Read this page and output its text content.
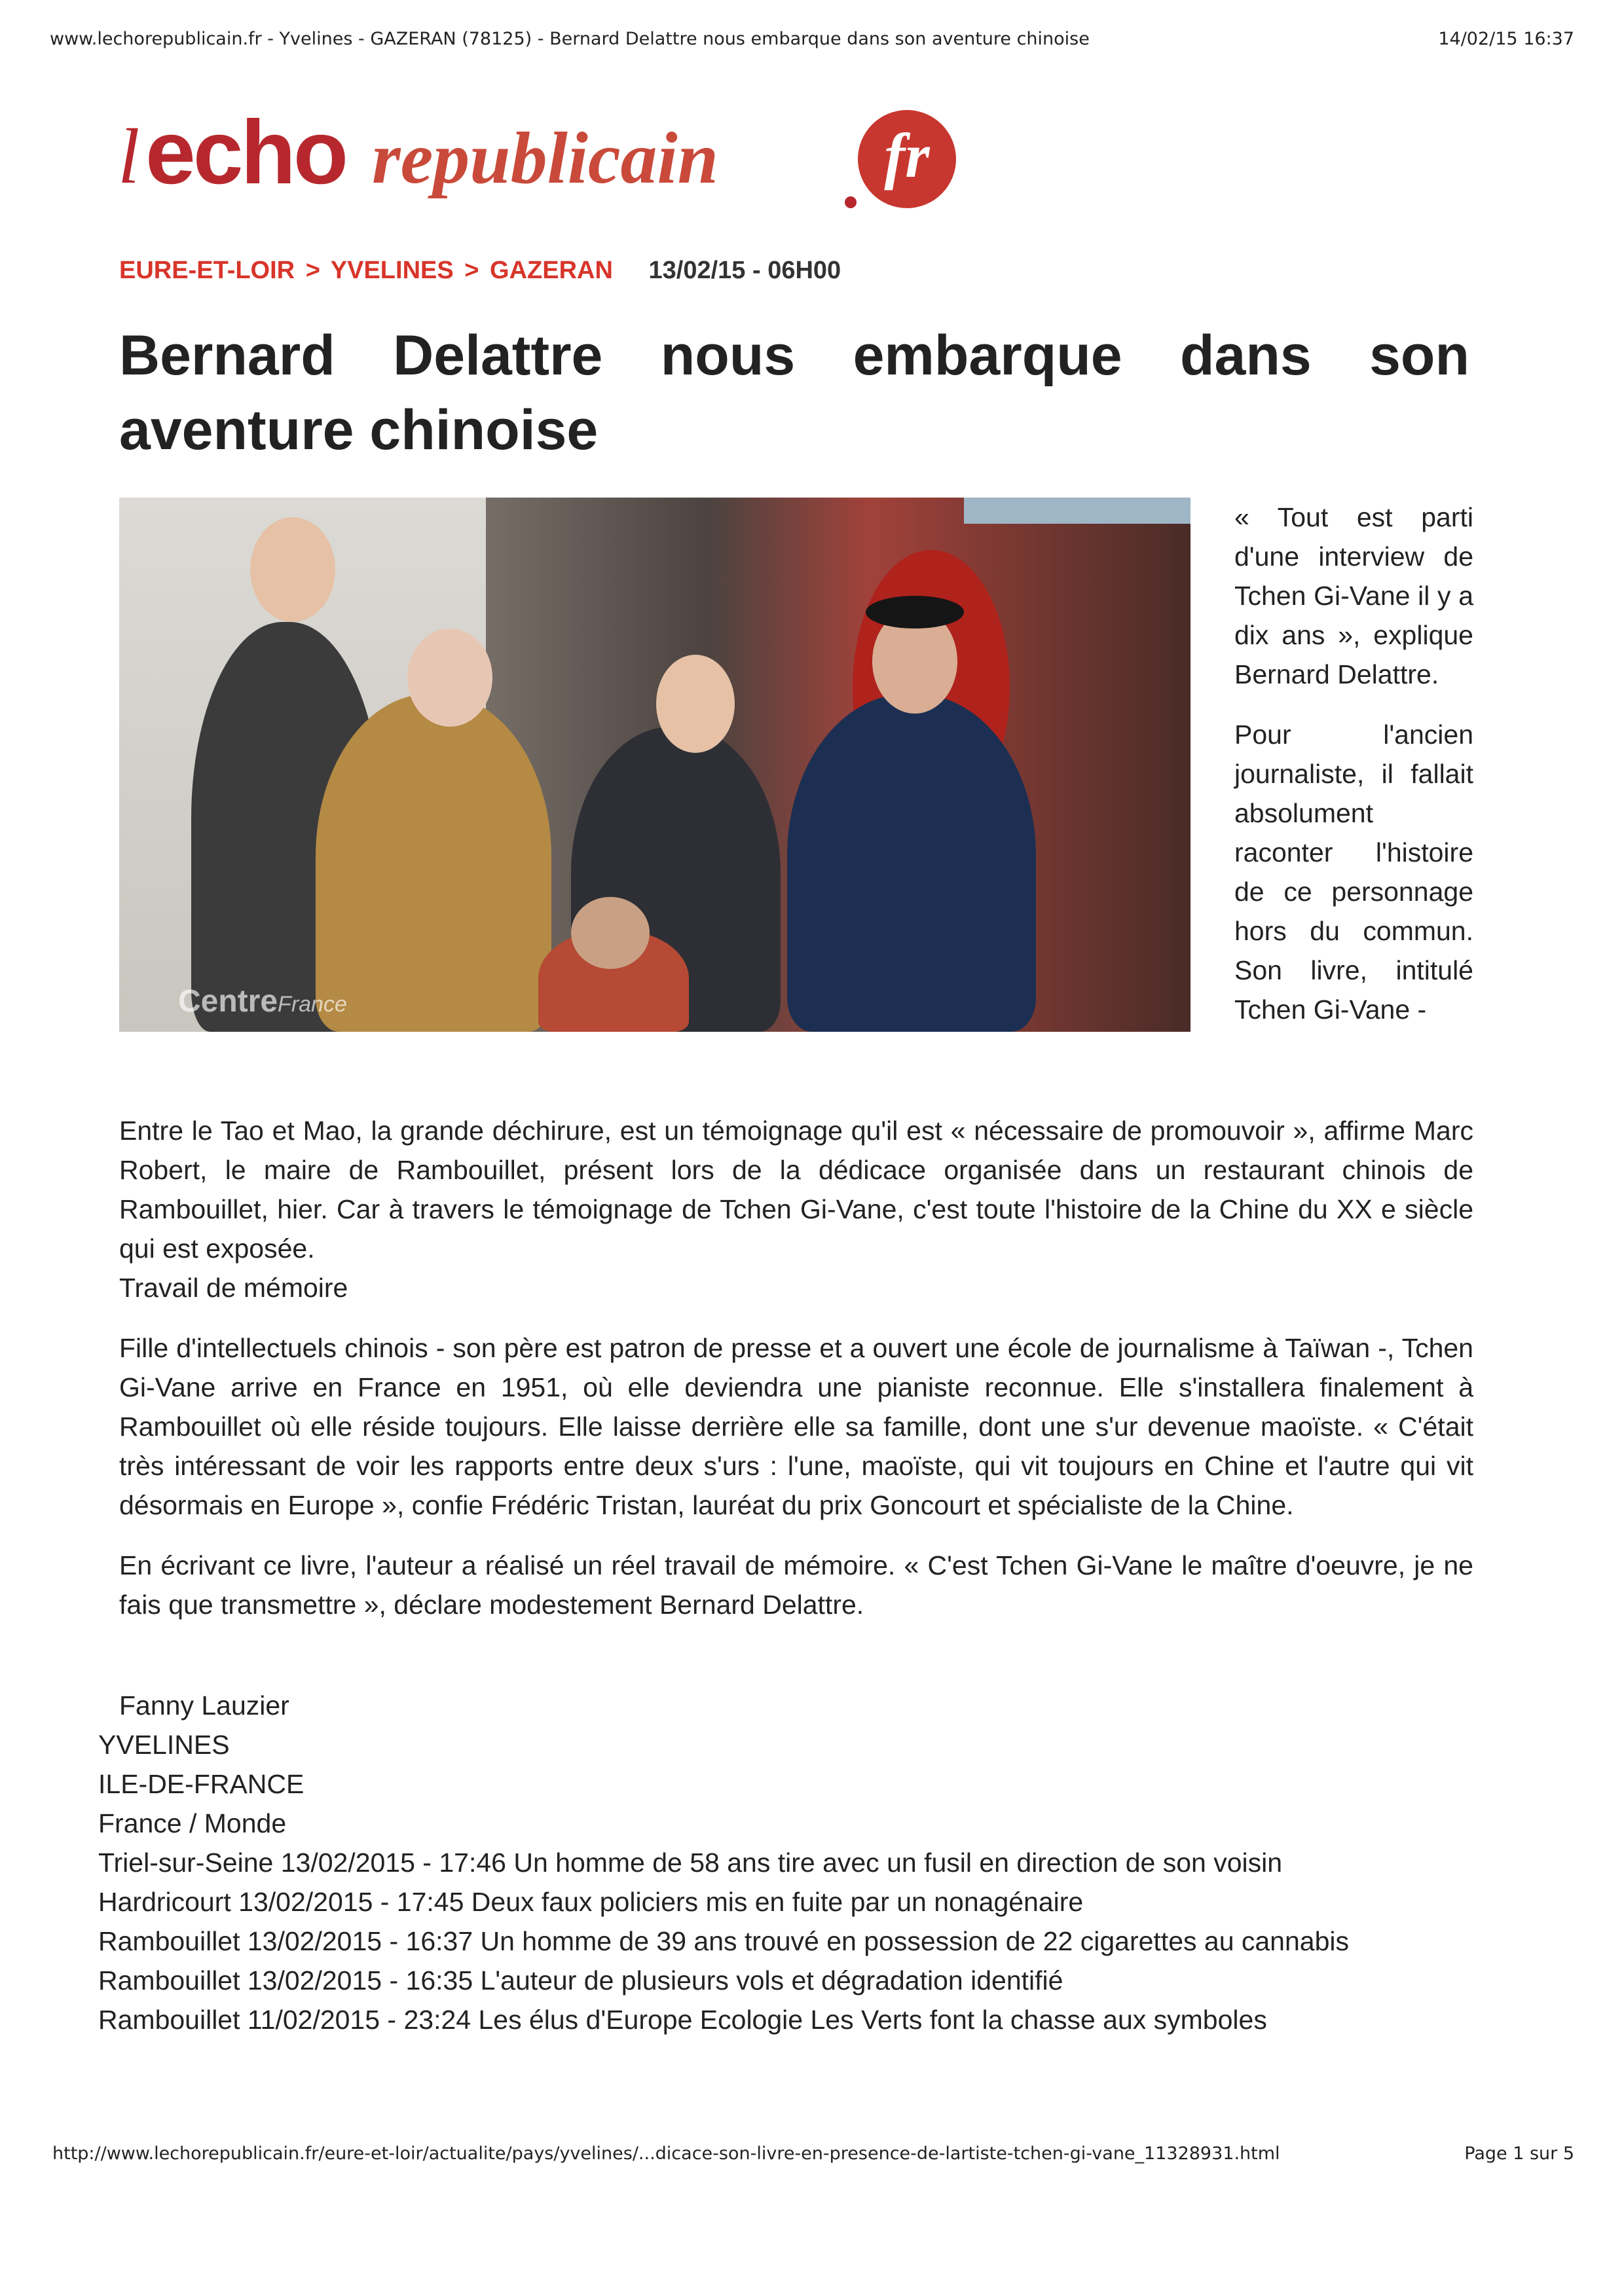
www.lechorepublicain.fr - Yvelines - GAZERAN (78125) - Bernard Delattre nous embarque dans son aventure chinoise	14/02/15 16:37
l echo republicain	fr
EURE-ET-LOIR > YVELINES > GAZERAN 13/02/15 - 06H00
Bernard Delattre nous embarque dans son aventure chinoise
CentreFrance

« Tout est parti d'une interview de Tchen Gi-Vane il y a dix ans », explique Bernard Delattre.

Pour l'ancien journaliste, il fallait absolument raconter l'histoire de ce personnage hors du commun. Son livre, intitulé Tchen Gi-Vane -

Entre le Tao et Mao, la grande déchirure, est un témoignage qu'il est « nécessaire de promouvoir », affirme Marc Robert, le maire de Rambouillet, présent lors de la dédicace organisée dans un restaurant chinois de Rambouillet, hier. Car à travers le témoignage de Tchen Gi-Vane, c'est toute l'histoire de la Chine du XX e siècle qui est exposée.
Travail de mémoire

Fille d'intellectuels chinois - son père est patron de presse et a ouvert une école de journalisme à Taïwan -, Tchen Gi-Vane arrive en France en 1951, où elle deviendra une pianiste reconnue. Elle s'installera finalement à Rambouillet où elle réside toujours. Elle laisse derrière elle sa famille, dont une s'ur devenue maoïste. « C'était très intéressant de voir les rapports entre deux s'urs : l'une, maoïste, qui vit toujours en Chine et l'autre qui vit désormais en Europe », confie Frédéric Tristan, lauréat du prix Goncourt et spécialiste de la Chine.

En écrivant ce livre, l'auteur a réalisé un réel travail de mémoire. « C'est Tchen Gi-Vane le maître d'oeuvre, je ne fais que transmettre », déclare modestement Bernard Delattre.

Fanny Lauzier
YVELINES
ILE-DE-FRANCE
France / Monde
Triel-sur-Seine 13/02/2015 - 17:46 Un homme de 58 ans tire avec un fusil en direction de son voisin
Hardricourt 13/02/2015 - 17:45 Deux faux policiers mis en fuite par un nonagénaire
Rambouillet 13/02/2015 - 16:37 Un homme de 39 ans trouvé en possession de 22 cigarettes au cannabis
Rambouillet 13/02/2015 - 16:35 L'auteur de plusieurs vols et dégradation identifié
Rambouillet 11/02/2015 - 23:24 Les élus d'Europe Ecologie Les Verts font la chasse aux symboles
http://www.lechorepublicain.fr/eure-et-loir/actualite/pays/yvelines/...dicace-son-livre-en-presence-de-lartiste-tchen-gi-vane_11328931.html	Page 1 sur 5
